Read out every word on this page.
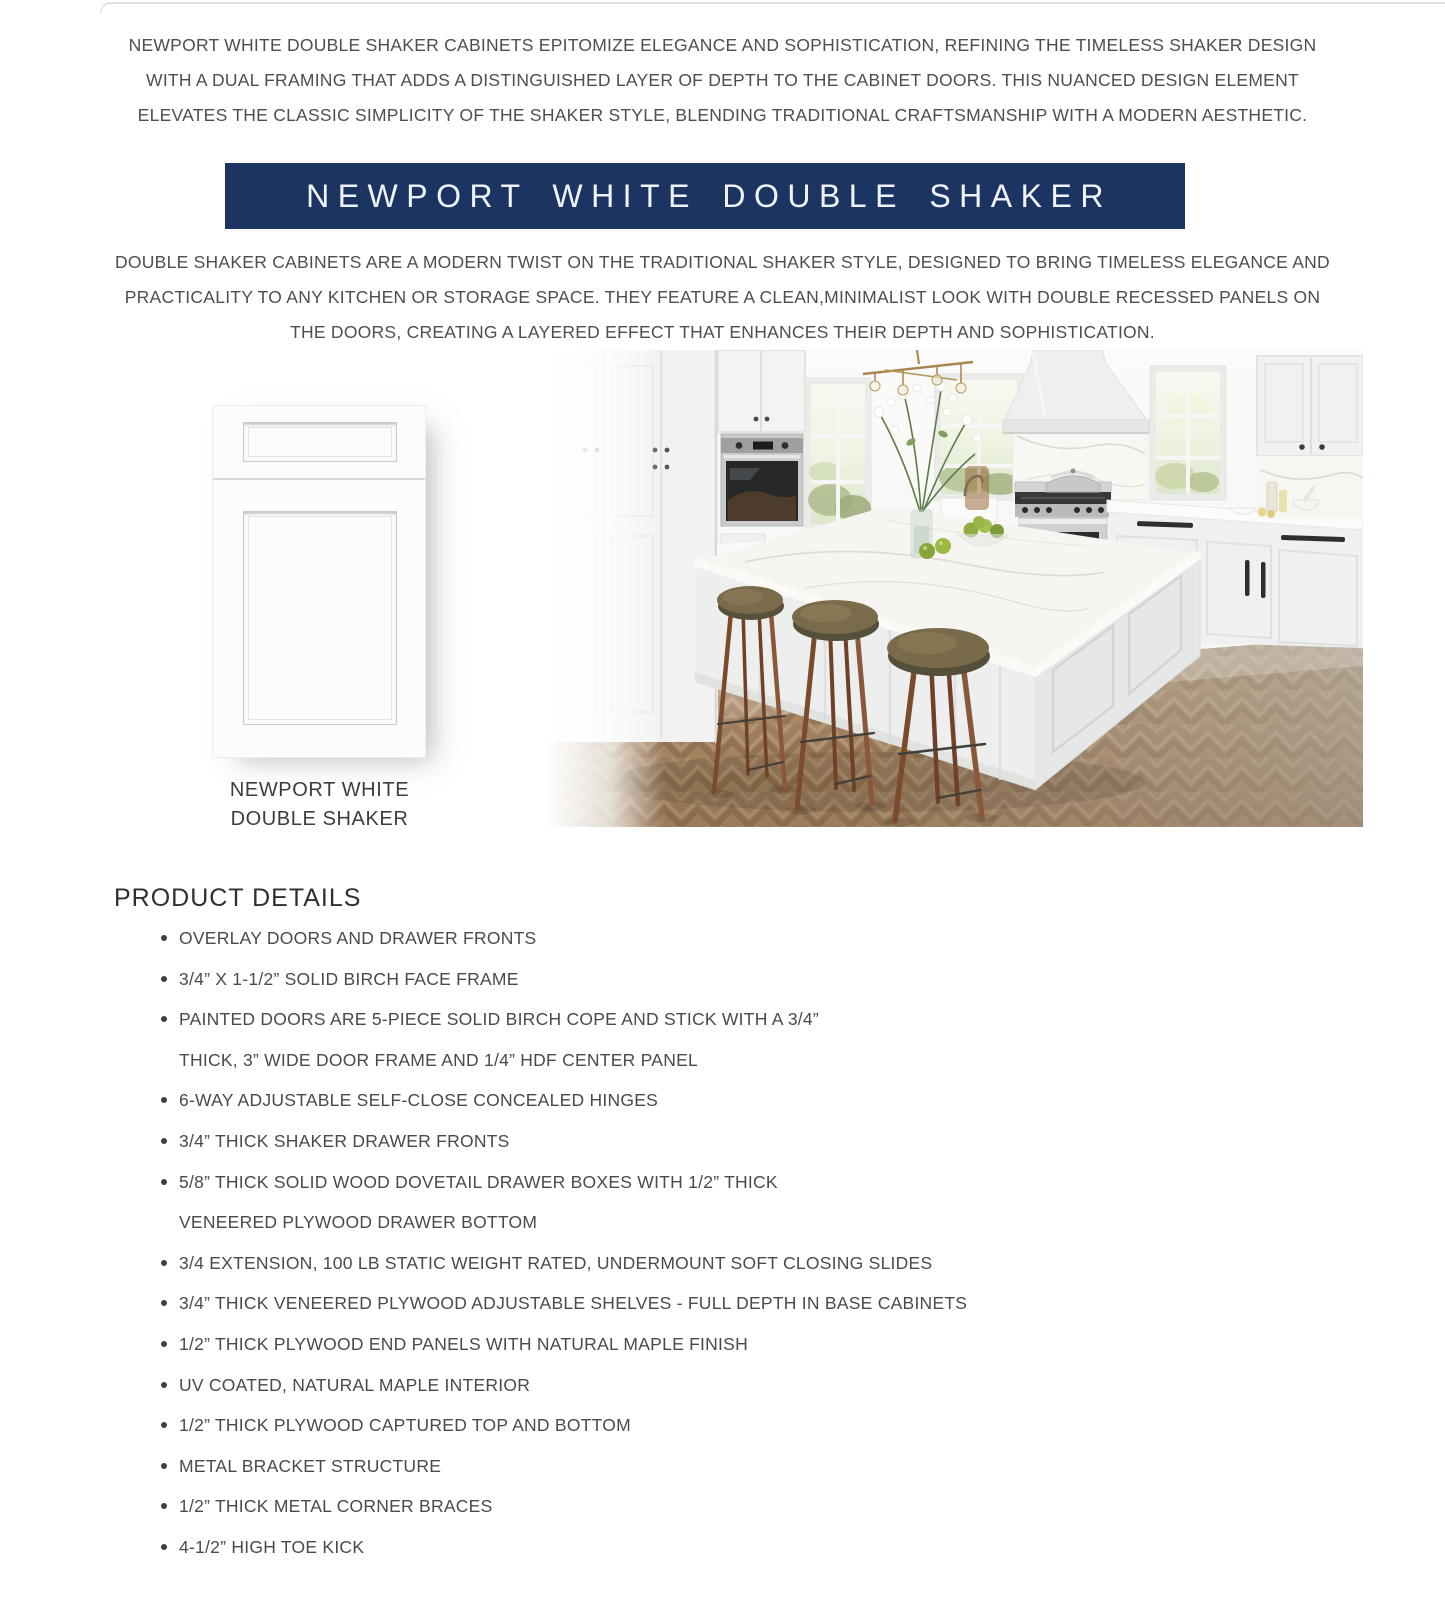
NEWPORT WHITE DOUBLE SHAKER CABINETS EPITOMIZE ELEGANCE AND SOPHISTICATION, REFINING THE TIMELESS SHAKER DESIGN WITH A DUAL FRAMING THAT ADDS A DISTINGUISHED LAYER OF DEPTH TO THE CABINET DOORS. THIS NUANCED DESIGN ELEMENT ELEVATES THE CLASSIC SIMPLICITY OF THE SHAKER STYLE, BLENDING TRADITIONAL CRAFTSMANSHIP WITH A MODERN AESTHETIC.
NEWPORT WHITE DOUBLE SHAKER
DOUBLE SHAKER CABINETS ARE A MODERN TWIST ON THE TRADITIONAL SHAKER STYLE, DESIGNED TO BRING TIMELESS ELEGANCE AND PRACTICALITY TO ANY KITCHEN OR STORAGE SPACE. THEY FEATURE A CLEAN,MINIMALIST LOOK WITH DOUBLE RECESSED PANELS ON THE DOORS, CREATING A LAYERED EFFECT THAT ENHANCES THEIR DEPTH AND SOPHISTICATION.
NEWPORT WHITE
DOUBLE SHAKER
PRODUCT DETAILS
OVERLAY DOORS AND DRAWER FRONTS
3/4” X 1-1/2” SOLID BIRCH FACE FRAME
PAINTED DOORS ARE 5-PIECE SOLID BIRCH COPE AND STICK WITH A 3/4”
THICK, 3” WIDE DOOR FRAME AND 1/4” HDF CENTER PANEL
6-WAY ADJUSTABLE SELF-CLOSE CONCEALED HINGES
3/4” THICK SHAKER DRAWER FRONTS
5/8” THICK SOLID WOOD DOVETAIL DRAWER BOXES WITH 1/2” THICK
VENEERED PLYWOOD DRAWER BOTTOM
3/4 EXTENSION, 100 LB STATIC WEIGHT RATED, UNDERMOUNT SOFT CLOSING SLIDES
3/4” THICK VENEERED PLYWOOD ADJUSTABLE SHELVES - FULL DEPTH IN BASE CABINETS
1/2” THICK PLYWOOD END PANELS WITH NATURAL MAPLE FINISH
UV COATED, NATURAL MAPLE INTERIOR
1/2” THICK PLYWOOD CAPTURED TOP AND BOTTOM
METAL BRACKET STRUCTURE
1/2” THICK METAL CORNER BRACES
4-1/2” HIGH TOE KICK
